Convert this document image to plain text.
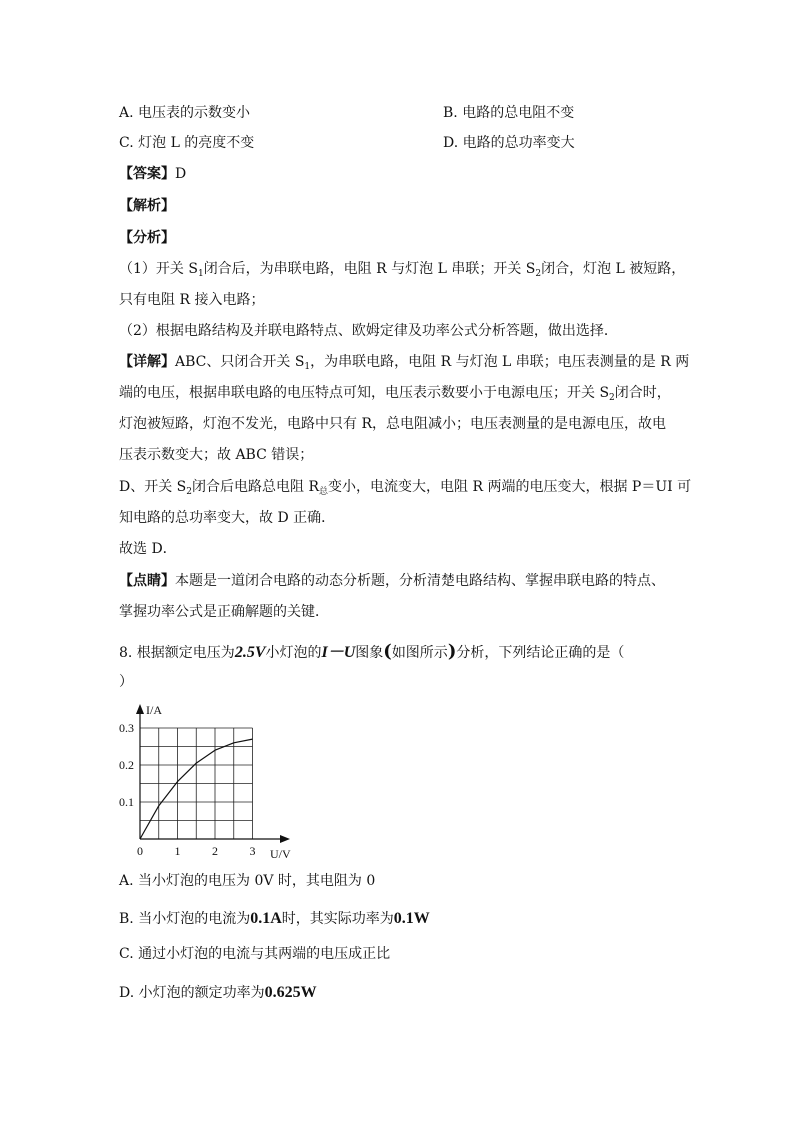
A. 电压表的示数变小	B. 电路的总电阻不变
C. 灯泡 L 的亮度不变	D. 电路的总功率变大
【答案】D
【解析】
【分析】
（1）开关 $S_1$闭合后，为串联电路，电阻 R 与灯泡 L 串联；开关 $S_2$闭合，灯泡 L 被短路，
只有电阻 R 接入电路；
（2）根据电路结构及并联电路特点、欧姆定律及功率公式分析答题，做出选择．
【详解】ABC、只闭合开关 $S_1$，为串联电路，电阻 R 与灯泡 L 串联；电压表测量的是 R 两
端的电压，根据串联电路的电压特点可知，电压表示数要小于电源电压；开关 $S_2$闭合时，
灯泡被短路，灯泡不发光，电路中只有 R，总电阻减小；电压表测量的是电源电压，故电
压表示数变大；故 ABC 错误；
D、开关 $S_2$闭合后电路总电阻 $R_总$变小，电流变大，电阻 R 两端的电压变大，根据 P＝UI 可
知电路的总功率变大，故 D 正确．
故选 D．
【点睛】本题是一道闭合电路的动态分析题，分析清楚电路结构、掌握串联电路的特点、
掌握功率公式是正确解题的关键．
8. 根据额定电压为2.5V小灯泡的I－U图象(如图所示)分析，下列结论正确的是（
）
I/A
U/V
0	1	2	3
0.1
0.2
0.3
A. 当小灯泡的电压为 0V 时，其电阻为 0
B. 当小灯泡的电流为0.1A时，其实际功率为0.1W
C. 通过小灯泡的电流与其两端的电压成正比
D. 小灯泡的额定功率为0.625W
